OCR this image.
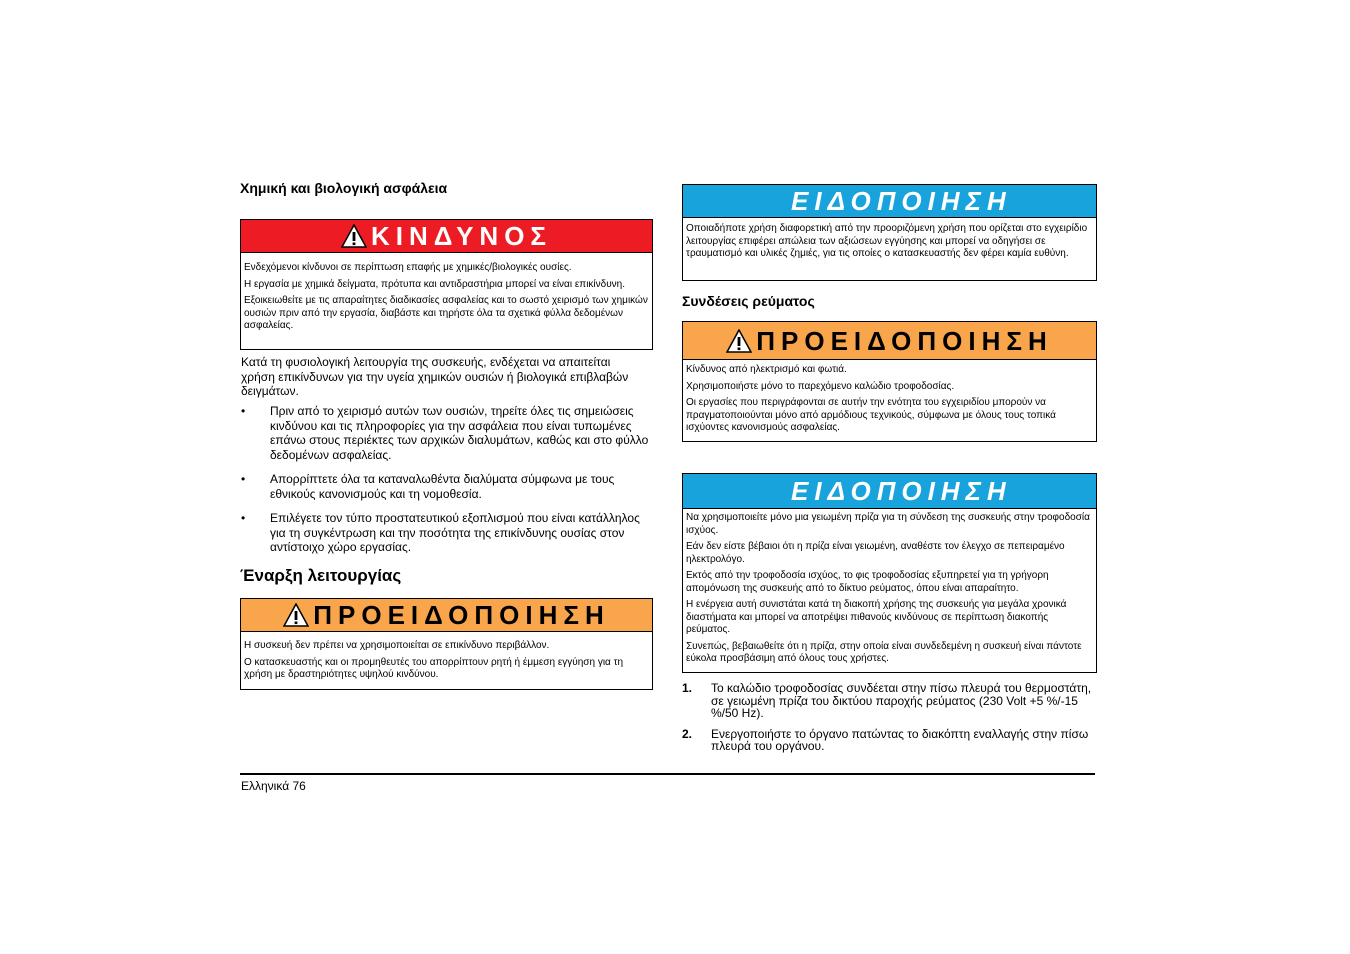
Χημική και βιολογική ασφάλεια
ΚΙΝΔΥΝΟΣ

Ενδεχόμενοι κίνδυνοι σε περίπτωση επαφής με χημικές/βιολογικές ουσίες.

Η εργασία με χημικά δείγματα, πρότυπα και αντιδραστήρια μπορεί να είναι επικίνδυνη.

Εξοικειωθείτε με τις απαραίτητες διαδικασίες ασφαλείας και το σωστό χειρισμό των χημικών ουσιών πριν από την εργασία, διαβάστε και τηρήστε όλα τα σχετικά φύλλα δεδομένων ασφαλείας.

Κατά τη φυσιολογική λειτουργία της συσκευής, ενδέχεται να απαιτείται χρήση επικίνδυνων για την υγεία χημικών ουσιών ή βιολογικά επιβλαβών δειγμάτων.

• Πριν από το χειρισμό αυτών των ουσιών, τηρείτε όλες τις σημειώσεις κινδύνου και τις πληροφορίες για την ασφάλεια που είναι τυπωμένες επάνω στους περιέκτες των αρχικών διαλυμάτων, καθώς και στο φύλλο δεδομένων ασφαλείας.
• Απορρίπτετε όλα τα καταναλωθέντα διαλύματα σύμφωνα με τους εθνικούς κανονισμούς και τη νομοθεσία.
• Επιλέγετε τον τύπο προστατευτικού εξοπλισμού που είναι κατάλληλος για τη συγκέντρωση και την ποσότητα της επικίνδυνης ουσίας στον αντίστοιχο χώρο εργασίας.
Έναρξη λειτουργίας
ΠΡΟΕΙΔΟΠΟΙΗΣΗ

Η συσκευή δεν πρέπει να χρησιμοποιείται σε επικίνδυνο περιβάλλον.

Ο κατασκευαστής και οι προμηθευτές του απορρίπτουν ρητή ή έμμεση εγγύηση για τη χρήση με δραστηριότητες υψηλού κινδύνου.

ΕΙΔΟΠΟΙΗΣΗ

Οποιαδήποτε χρήση διαφορετική από την προοριζόμενη χρήση που ορίζεται στο εγχειρίδιο λειτουργίας επιφέρει απώλεια των αξιώσεων εγγύησης και μπορεί να οδηγήσει σε τραυματισμό και υλικές ζημιές, για τις οποίες ο κατασκευαστής δεν φέρει καμία ευθύνη.

Συνδέσεις ρεύματος
ΠΡΟΕΙΔΟΠΟΙΗΣΗ

Κίνδυνος από ηλεκτρισμό και φωτιά.

Χρησιμοποιήστε μόνο το παρεχόμενο καλώδιο τροφοδοσίας.

Οι εργασίες που περιγράφονται σε αυτήν την ενότητα του εγχειριδίου μπορούν να πραγματοποιούνται μόνο από αρμόδιους τεχνικούς, σύμφωνα με όλους τους τοπικά ισχύοντες κανονισμούς ασφαλείας.

ΕΙΔΟΠΟΙΗΣΗ

Να χρησιμοποιείτε μόνο μια γειωμένη πρίζα για τη σύνδεση της συσκευής στην τροφοδοσία ισχύος.

Εάν δεν είστε βέβαιοι ότι η πρίζα είναι γειωμένη, αναθέστε τον έλεγχο σε πεπειραμένο ηλεκτρολόγο.

Εκτός από την τροφοδοσία ισχύος, το φις τροφοδοσίας εξυπηρετεί για τη γρήγορη απομόνωση της συσκευής από το δίκτυο ρεύματος, όπου είναι απαραίτητο.

Η ενέργεια αυτή συνιστάται κατά τη διακοπή χρήσης της συσκευής για μεγάλα χρονικά διαστήματα και μπορεί να αποτρέψει πιθανούς κινδύνους σε περίπτωση διακοπής ρεύματος.

Συνεπώς, βεβαιωθείτε ότι η πρίζα, στην οποία είναι συνδεδεμένη η συσκευή είναι πάντοτε εύκολα προσβάσιμη από όλους τους χρήστες.

1. Το καλώδιο τροφοδοσίας συνδέεται στην πίσω πλευρά του θερμοστάτη, σε γειωμένη πρίζα του δικτύου παροχής ρεύματος (230 Volt +5 %/-15 %/50 Hz).
2. Ενεργοποιήστε το όργανο πατώντας το διακόπτη εναλλαγής στην πίσω πλευρά του οργάνου.
Ελληνικά 76
